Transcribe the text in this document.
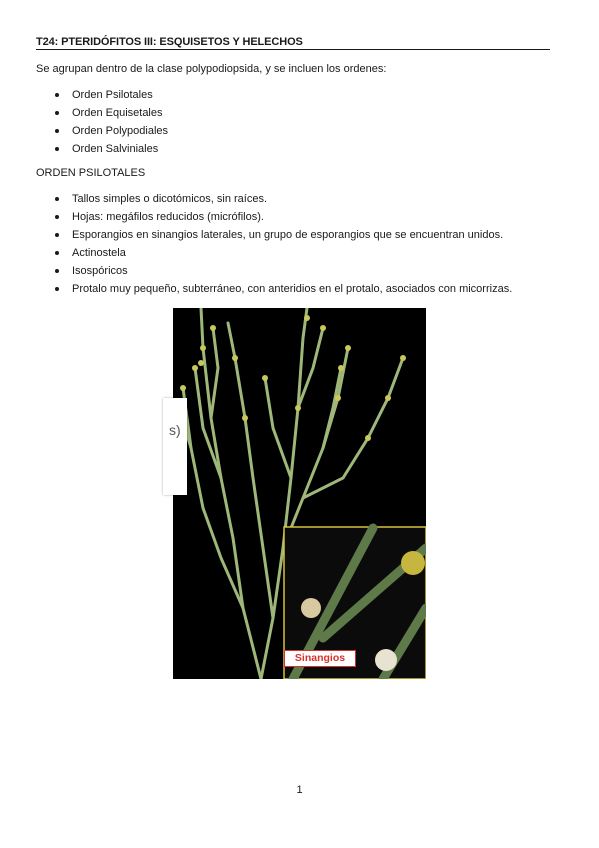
T24: PTERIDÓFITOS III: ESQUISETOS Y HELECHOS
Se agrupan dentro de la clase polypodiopsida, y se incluen los ordenes:
Orden Psilotales
Orden Equisetales
Orden Polypodiales
Orden Salviniales
ORDEN PSILOTALES
Tallos simples o dicotómicos, sin raíces.
Hojas: megáfilos reducidos (micrófilos).
Esporangios en sinangios laterales, un grupo de esporangios que se encuentran unidos.
Actinostela
Isospóricos
Protalo muy pequeño, subterráneo, con anteridios en el protalo, asociados con micorrizas.
s)
Sinangios
1
